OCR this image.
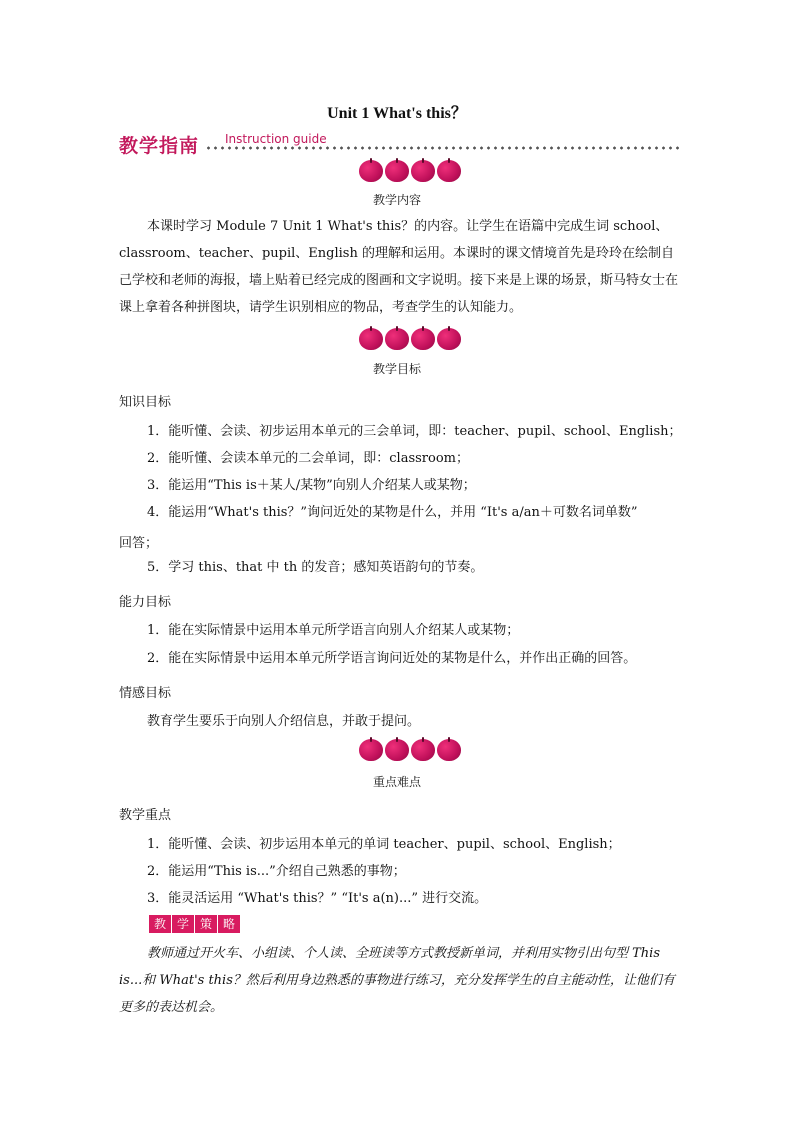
Unit 1 What's this？
教学指南 Instruction guide
教学内容
本课时学习 Module 7 Unit 1 What's this？的内容。让学生在语篇中完成生词 school、classroom、teacher、pupil、English 的理解和运用。本课时的课文情境首先是玲玲在绘制自己学校和老师的海报，墙上贴着已经完成的图画和文字说明。接下来是上课的场景，斯马特女士在课上拿着各种拼图块，请学生识别相应的物品，考查学生的认知能力。
教学目标
知识目标
1．能听懂、会读、初步运用本单元的三会单词，即：teacher、pupil、school、English；
2．能听懂、会读本单元的二会单词，即：classroom；
3．能运用“This is＋某人/某物”向别人介绍某人或某物；
4．能运用“What's this？”询问近处的某物是什么，并用 “It's a/an＋可数名词单数”
回答；
5．学习 this、that 中 th 的发音；感知英语韵句的节奏。
能力目标
1．能在实际情景中运用本单元所学语言向别人介绍某人或某物；
2．能在实际情景中运用本单元所学语言询问近处的某物是什么，并作出正确的回答。
情感目标
教育学生要乐于向别人介绍信息，并敢于提问。
重点难点
教学重点
1．能听懂、会读、初步运用本单元的单词 teacher、pupil、school、English；
2．能运用“This is...”介绍自己熟悉的事物；
3．能灵活运用 “What's this？” “It's a(n)...” 进行交流。
教 学 策 略
教师通过开火车、小组读、个人读、全班读等方式教授新单词，并利用实物引出句型 This is...和 What's this？然后利用身边熟悉的事物进行练习，充分发挥学生的自主能动性，让他们有更多的表达机会。
